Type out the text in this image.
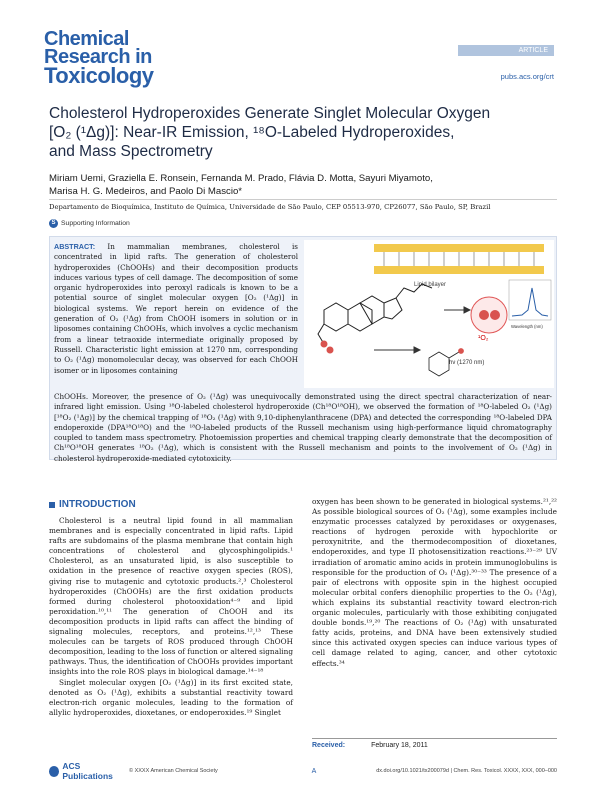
Chemical
Research in
Toxicology
ARTICLE
pubs.acs.org/crt
Cholesterol Hydroperoxides Generate Singlet Molecular Oxygen
[O₂ (¹Δg)]: Near-IR Emission, ¹⁸O-Labeled Hydroperoxides,
and Mass Spectrometry
Miriam Uemi, Graziella E. Ronsein, Fernanda M. Prado, Flávia D. Motta, Sayuri Miyamoto,
Marisa H. G. Medeiros, and Paolo Di Mascio*
Departamento de Bioquímica, Instituto de Química, Universidade de São Paulo, CEP 05513-970, CP26077, São Paulo, SP, Brazil
S Supporting Information
ABSTRACT: In mammalian membranes, cholesterol is concentrated in lipid rafts. The generation of cholesterol hydroperoxides (ChOOHs) and their decomposition products induces various types of cell damage. The decomposition of some organic hydroperoxides into peroxyl radicals is known to be a potential source of singlet molecular oxygen [O₂ (¹Δg)] in biological systems. We report herein on evidence of the generation of O₂ (¹Δg) from ChOOH isomers in solution or in liposomes containing ChOOHs, which involves a cyclic mechanism from a linear tetraoxide intermediate originally proposed by Russell. Characteristic light emission at 1270 nm, corresponding to O₂ (¹Δg) monomolecular decay, was observed for each ChOOH isomer or in liposomes containing
ChOOHs. Moreover, the presence of O₂ (¹Δg) was unequivocally demonstrated using the direct spectral characterization of near-infrared light emission. Using ¹⁸O-labeled cholesterol hydroperoxide (Ch¹⁸O¹⁸OH), we observed the formation of ¹⁸O-labeled O₂ (¹Δg) [¹⁸O₂ (¹Δg)] by the chemical trapping of ¹⁸O₂ (¹Δg) with 9,10-diphenylanthracene (DPA) and detected the corresponding ¹⁸O-labeled DPA endoperoxide (DPA¹⁸O¹⁸O) and the ¹⁸O-labeled products of the Russell mechanism using high-performance liquid chromatography coupled to tandem mass spectrometry. Photoemission properties and chemical trapping clearly demonstrate that the decomposition of Ch¹⁸O¹⁸OH generates ¹⁸O₂ (¹Δg), which is consistent with the Russell mechanism and points to the involvement of O₂ (¹Δg) in cholesterol hydroperoxide-mediated cytotoxicity.
Lipid bilayer
¹O₂
hν (1270 nm)
Wavelength (nm)
INTRODUCTION

Cholesterol is a neutral lipid found in all mammalian membranes and is especially concentrated in lipid rafts. Lipid rafts are subdomains of the plasma membrane that contain high concentrations of cholesterol and glycosphingolipids.¹ Cholesterol, as an unsaturated lipid, is also susceptible to oxidation in the presence of reactive oxygen species (ROS), giving rise to mutagenic and cytotoxic products.²,³ Cholesterol hydroperoxides (ChOOHs) are the first oxidation products formed during cholesterol photooxidation⁴⁻⁹ and lipid peroxidation.¹⁰,¹¹ The generation of ChOOH and its decomposition products in lipid rafts can affect the binding of signaling molecules, receptors, and proteins.¹²,¹³ These molecules can be targets of ROS produced through ChOOH decomposition, leading to the loss of function or altered signaling pathways. Thus, the identification of ChOOHs provides important insights into the role ROS plays in biological damage.¹⁴⁻¹⁸

Singlet molecular oxygen [O₂ (¹Δg)] in its first excited state, denoted as O₂ (¹Δg), exhibits a substantial reactivity toward electron-rich organic molecules, leading to the formation of allylic hydroperoxides, dioxetanes, or endoperoxides.¹⁹ Singlet

oxygen has been shown to be generated in biological systems.²¹,²² As possible biological sources of O₂ (¹Δg), some examples include enzymatic processes catalyzed by peroxidases or oxygenases, reactions of hydrogen peroxide with hypochlorite or peroxynitrite, and the thermodecomposition of dioxetanes, endoperoxides, and type II photosensitization reactions.²³⁻²⁹ UV irradiation of aromatic amino acids in protein immunoglobulins is responsible for the production of O₂ (¹Δg).³⁰⁻³³ The presence of a pair of electrons with opposite spin in the highest occupied molecular orbital confers dienophilic properties to the O₂ (¹Δg), which explains its substantial reactivity toward electron-rich organic molecules, particularly with those exhibiting conjugated double bonds.¹⁹,²⁰ The reactions of O₂ (¹Δg) with unsaturated fatty acids, proteins, and DNA have been extensively studied since this activated oxygen species can induce various types of cell damage related to aging, cancer, and other cytotoxic effects.³⁴
Received:	February 18, 2011
ACS Publications	© XXXX American Chemical Society	A	dx.doi.org/10.1021/tx200079d | Chem. Res. Toxicol. XXXX, XXX, 000–000
